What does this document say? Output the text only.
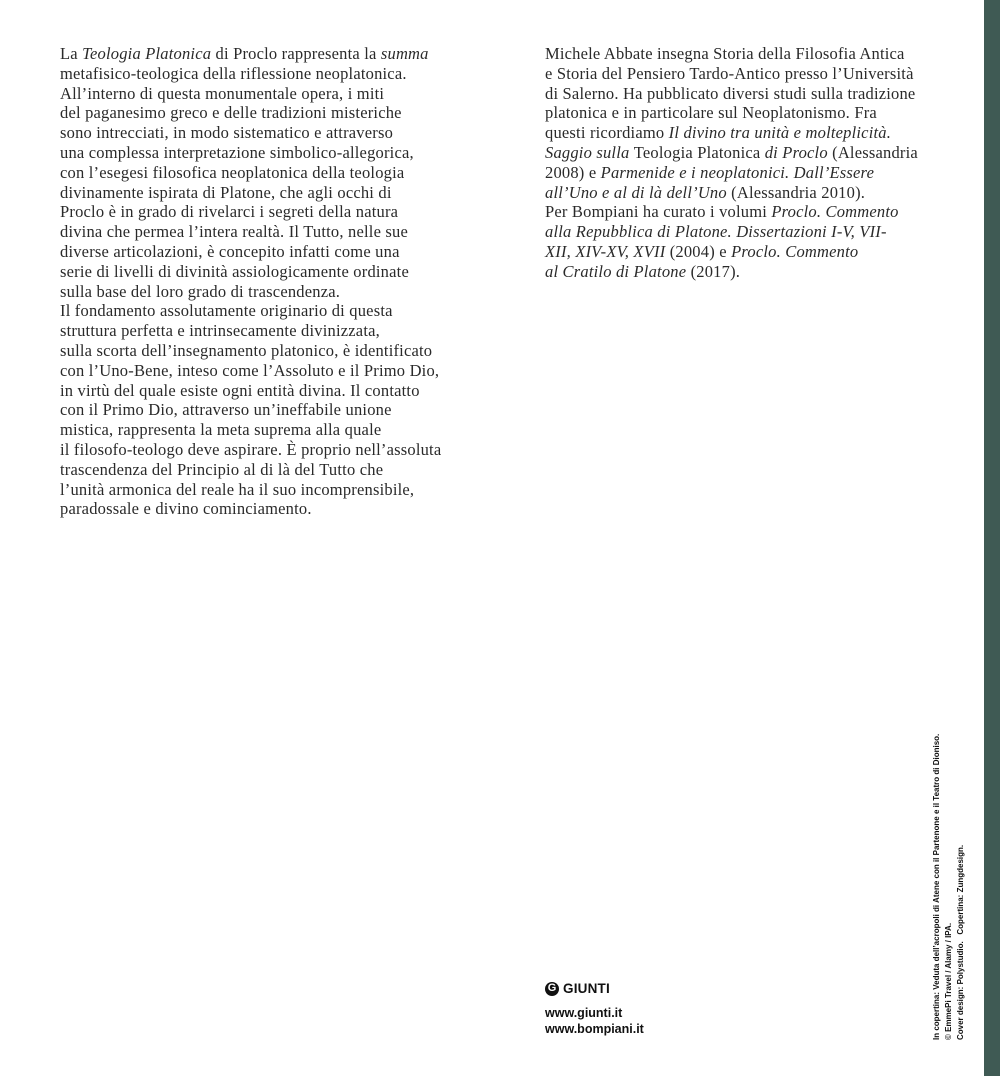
La Teologia Platonica di Proclo rappresenta la summa
metafisico-teologica della riflessione neoplatonica.
All’interno di questa monumentale opera, i miti
del paganesimo greco e delle tradizioni misteriche
sono intrecciati, in modo sistematico e attraverso
una complessa interpretazione simbolico-allegorica,
con l’esegesi filosofica neoplatonica della teologia
divinamente ispirata di Platone, che agli occhi di
Proclo è in grado di rivelarci i segreti della natura
divina che permea l’intera realtà. Il Tutto, nelle sue
diverse articolazioni, è concepito infatti come una
serie di livelli di divinità assiologicamente ordinate
sulla base del loro grado di trascendenza.
Il fondamento assolutamente originario di questa
struttura perfetta e intrinsecamente divinizzata,
sulla scorta dell’insegnamento platonico, è identificato
con l’Uno-Bene, inteso come l’Assoluto e il Primo Dio,
in virtù del quale esiste ogni entità divina. Il contatto
con il Primo Dio, attraverso un’ineffabile unione
mistica, rappresenta la meta suprema alla quale
il filosofo-teologo deve aspirare. È proprio nell’assoluta
trascendenza del Principio al di là del Tutto che
l’unità armonica del reale ha il suo incomprensibile,
paradossale e divino cominciamento.
Michele Abbate insegna Storia della Filosofia Antica
e Storia del Pensiero Tardo-Antico presso l’Università
di Salerno. Ha pubblicato diversi studi sulla tradizione
platonica e in particolare sul Neoplatonismo. Fra
questi ricordiamo Il divino tra unità e molteplicità.
Saggio sulla Teologia Platonica di Proclo (Alessandria
2008) e Parmenide e i neoplatonici. Dall’Essere
all’Uno e al di là dell’Uno (Alessandria 2010).
Per Bompiani ha curato i volumi Proclo. Commento
alla Repubblica di Platone. Dissertazioni I-V, VII-
XII, XIV-XV, XVII (2004) e Proclo. Commento
al Cratilo di Platone (2017).
In copertina: Veduta dell’acropoli di Atene con il Partenone e il Teatro di Dioniso. © EmmePi Travel / Alamy / IPA. Cover design: Polystudio.   Copertina: Zungdesign.
G GIUNTI
www.giunti.it
www.bompiani.it
